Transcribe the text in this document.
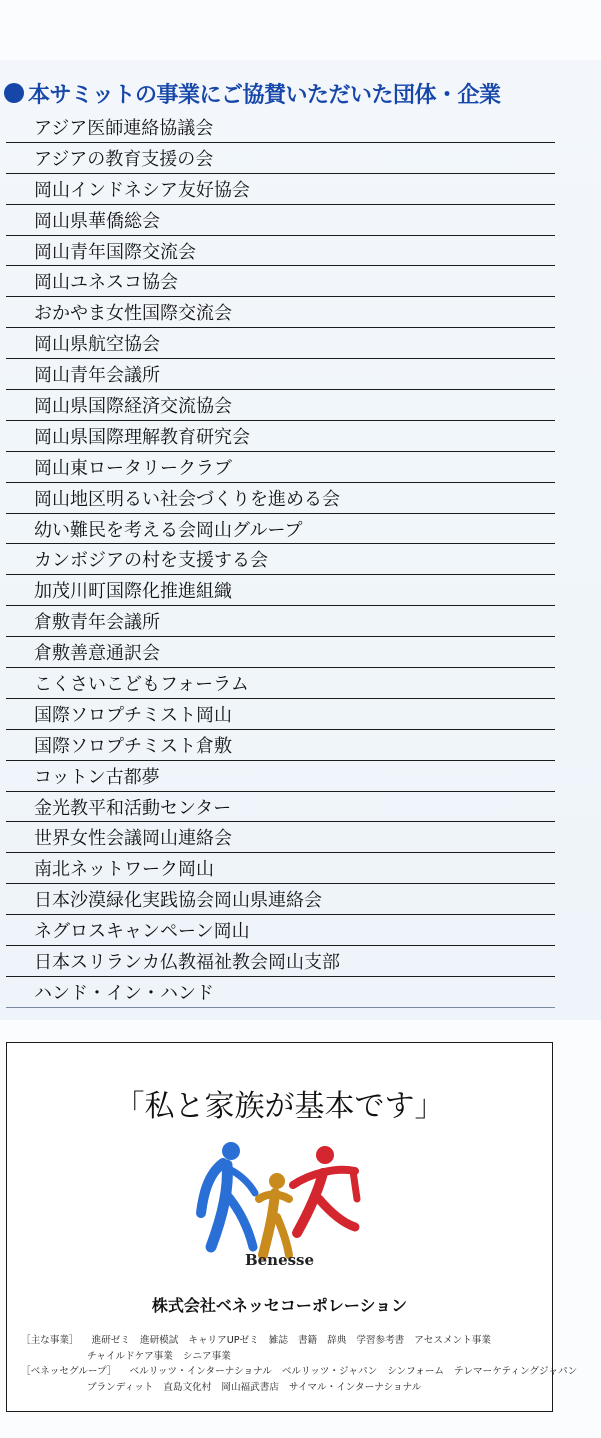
本サミットの事業にご協賛いただいた団体・企業
アジア医師連絡協議会
アジアの教育支援の会
岡山インドネシア友好協会
岡山県華僑総会
岡山青年国際交流会
岡山ユネスコ協会
おかやま女性国際交流会
岡山県航空協会
岡山青年会議所
岡山県国際経済交流協会
岡山県国際理解教育研究会
岡山東ロータリークラブ
岡山地区明るい社会づくりを進める会
幼い難民を考える会岡山グループ
カンボジアの村を支援する会
加茂川町国際化推進組織
倉敷青年会議所
倉敷善意通訳会
こくさいこどもフォーラム
国際ソロプチミスト岡山
国際ソロプチミスト倉敷
コットン古都夢
金光教平和活動センター
世界女性会議岡山連絡会
南北ネットワーク岡山
日本沙漠緑化実践協会岡山県連絡会
ネグロスキャンペーン岡山
日本スリランカ仏教福祉教会岡山支部
ハンド・イン・ハンド
「私と家族が基本です」
Benesse
株式会社ベネッセコーポレーション
［主な事業］ 進研ゼミ 進研模試 キャリアUPゼミ 雑誌 書籍 辞典 学習参考書 アセスメント事業
チャイルドケア事業 シニア事業
［ベネッセグループ］ ベルリッツ・インターナショナル ベルリッツ・ジャパン シンフォーム テレマーケティングジャパン
ブランディット 直島文化村 岡山福武書店 サイマル・インターナショナル
